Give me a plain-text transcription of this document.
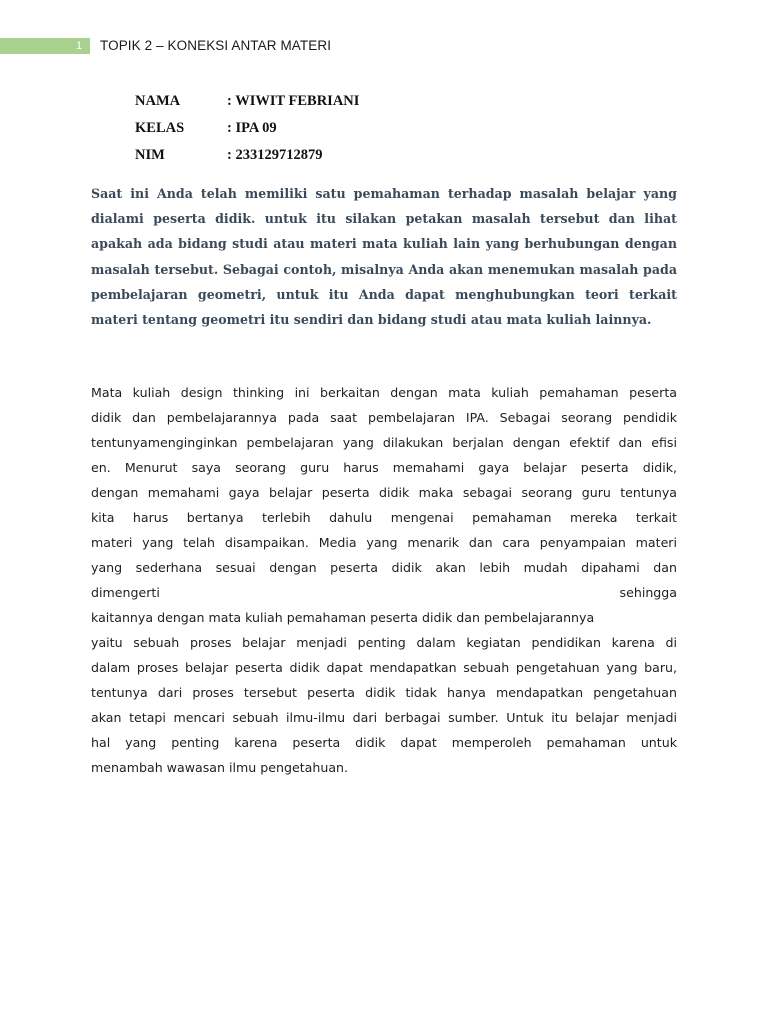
1 TOPIK 2 – KONEKSI ANTAR MATERI
NAMA	: WIWIT FEBRIANI
KELAS	: IPA 09
NIM	: 233129712879

Saat ini Anda telah memiliki satu pemahaman terhadap masalah belajar yang dialami peserta didik. untuk itu silakan petakan masalah tersebut dan lihat apakah ada bidang studi atau materi mata kuliah lain yang berhubungan dengan masalah tersebut. Sebagai contoh, misalnya Anda akan menemukan masalah pada pembelajaran geometri, untuk itu Anda dapat menghubungkan teori terkait materi tentang geometri itu sendiri dan bidang studi atau mata kuliah lainnya.

Mata kuliah design thinking ini berkaitan dengan mata kuliah pemahaman peserta
didik dan pembelajarannya pada saat pembelajaran IPA. Sebagai seorang pendidik
tentunyamenginginkan pembelajaran yang dilakukan berjalan dengan efektif dan efisi
en. Menurut saya seorang guru harus memahami gaya belajar peserta didik,
dengan memahami gaya belajar peserta didik maka sebagai seorang guru tentunya
kita harus bertanya terlebih dahulu mengenai pemahaman mereka terkait
materi yang telah disampaikan. Media yang menarik dan cara penyampaian materi
yang sederhana sesuai dengan peserta didik akan lebih mudah dipahami dan
dimengerti sehingga
kaitannya dengan mata kuliah pemahaman peserta didik dan pembelajarannya
yaitu sebuah proses belajar menjadi penting dalam kegiatan pendidikan karena di
dalam proses belajar peserta didik dapat mendapatkan sebuah pengetahuan yang baru,
tentunya dari proses tersebut peserta didik tidak hanya mendapatkan pengetahuan
akan tetapi mencari sebuah ilmu-ilmu dari berbagai sumber. Untuk itu belajar menjadi
hal yang penting karena peserta didik dapat memperoleh pemahaman untuk
menambah wawasan ilmu pengetahuan.
